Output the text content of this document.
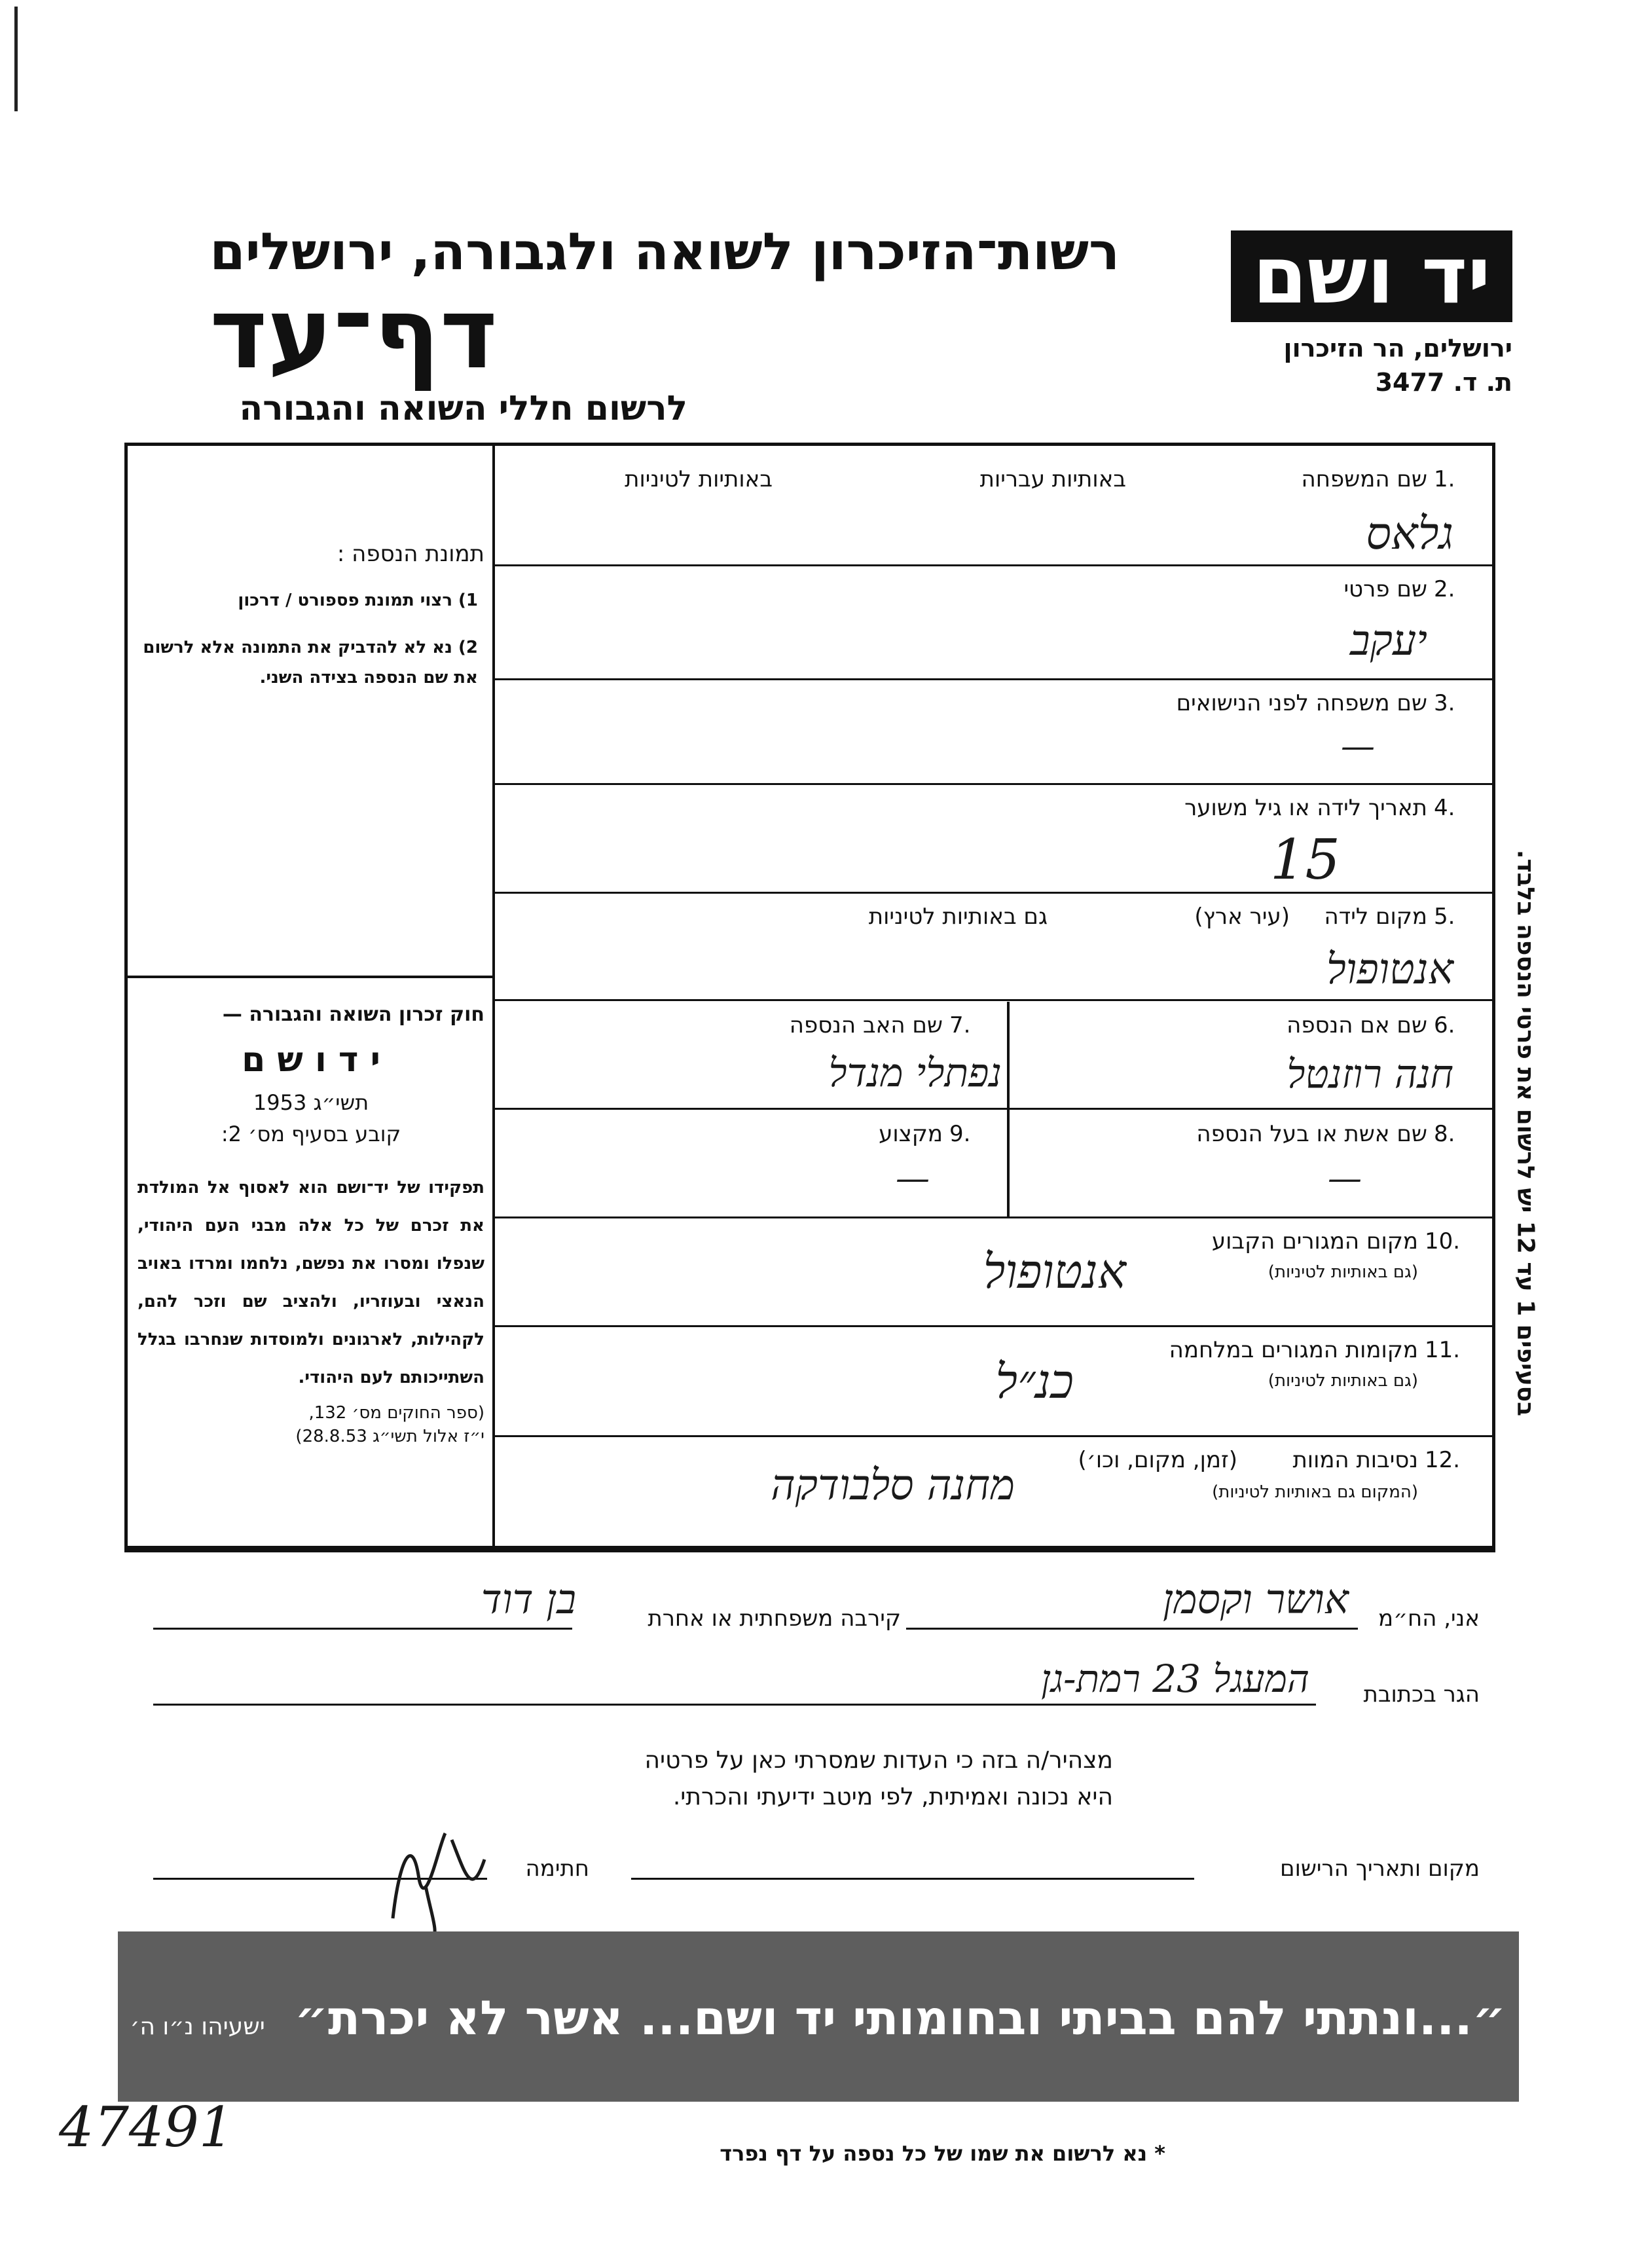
יד ושם
ירושלים, הר הזיכרון
ת. ד. 3477
רשות־הזיכרון לשואה ולגבורה, ירושלים
דף־עד
לרשום חללי השואה והגבורה
תמונת הנספה :
1) רצוי תמונת פספורט / דרכון
2) נא לא להדביק את התמונה אלא לרשום את שם הנספה בצידה השני.
חוק זכרון השואה והגבורה —
י ד ו ש ם
תשי״ג 1953
קובע בסעיף מס׳ 2:
תפקידו של יד־ושם הוא לאסוף אל המולדת את זכרם של כל אלה מבני העם היהודי, שנפלו ומסרו את נפשם, נלחמו ומרדו באויב הנאצי ובעוזריו, ולהציב שם וזכר להם, לקהילות, לארגונים ולמוסדות שנחרבו בגלל השתייכותם לעם היהודי.
(ספר החוקים מס׳ 132,
י״ז אלול תשי״ג 28.8.53)
1.
שם המשפחה
באותיות עבריות
באותיות לטיניות
גלאס
2.
שם פרטי
יעקב
3.
שם משפחה לפני הנישואים
—
4.
תאריך לידה או גיל משוער
15
5.
מקום לידה
(עיר ארץ)
גם באותיות לטיניות
אנטופול
6.
שם אם הנספה
חנה רוזנטל
7.
שם האב הנספה
נפתלי מנדל
8.
שם אשת או בעל הנספה
—
9.
מקצוע
—
10.
מקום המגורים הקבוע
(גם באותיות לטיניות)
אנטופול
11.
מקומות המגורים במלחמה
(גם באותיות לטיניות)
כנ״ל
12.
נסיבות המוות
(זמן, מקום, וכו׳)
(המקום גם באותיות לטיניות)
מחנה סלבודקה
בסעיפים 1 עד 12 יש לרשום את פרטי הנספה בלבד.
אני, הח״מ
אושר וקסמן
קירבה משפחתית או אחרת
בן דוד
הגר בכתובת
המעגל 23 רמת-גן
מצהיר/ה בזה כי העדות שמסרתי כאן על פרטיה
היא נכונה ואמיתית, לפי מיטב ידיעתי והכרתי.
מקום ותאריך הרישום
חתימה
״...ונתתי להם בביתי ובחומותי יד ושם... אשר לא יכרת״ ישעיהו נ״ו ה׳
* נא לרשום את שמו של כל נספה על דף נפרד
47491
